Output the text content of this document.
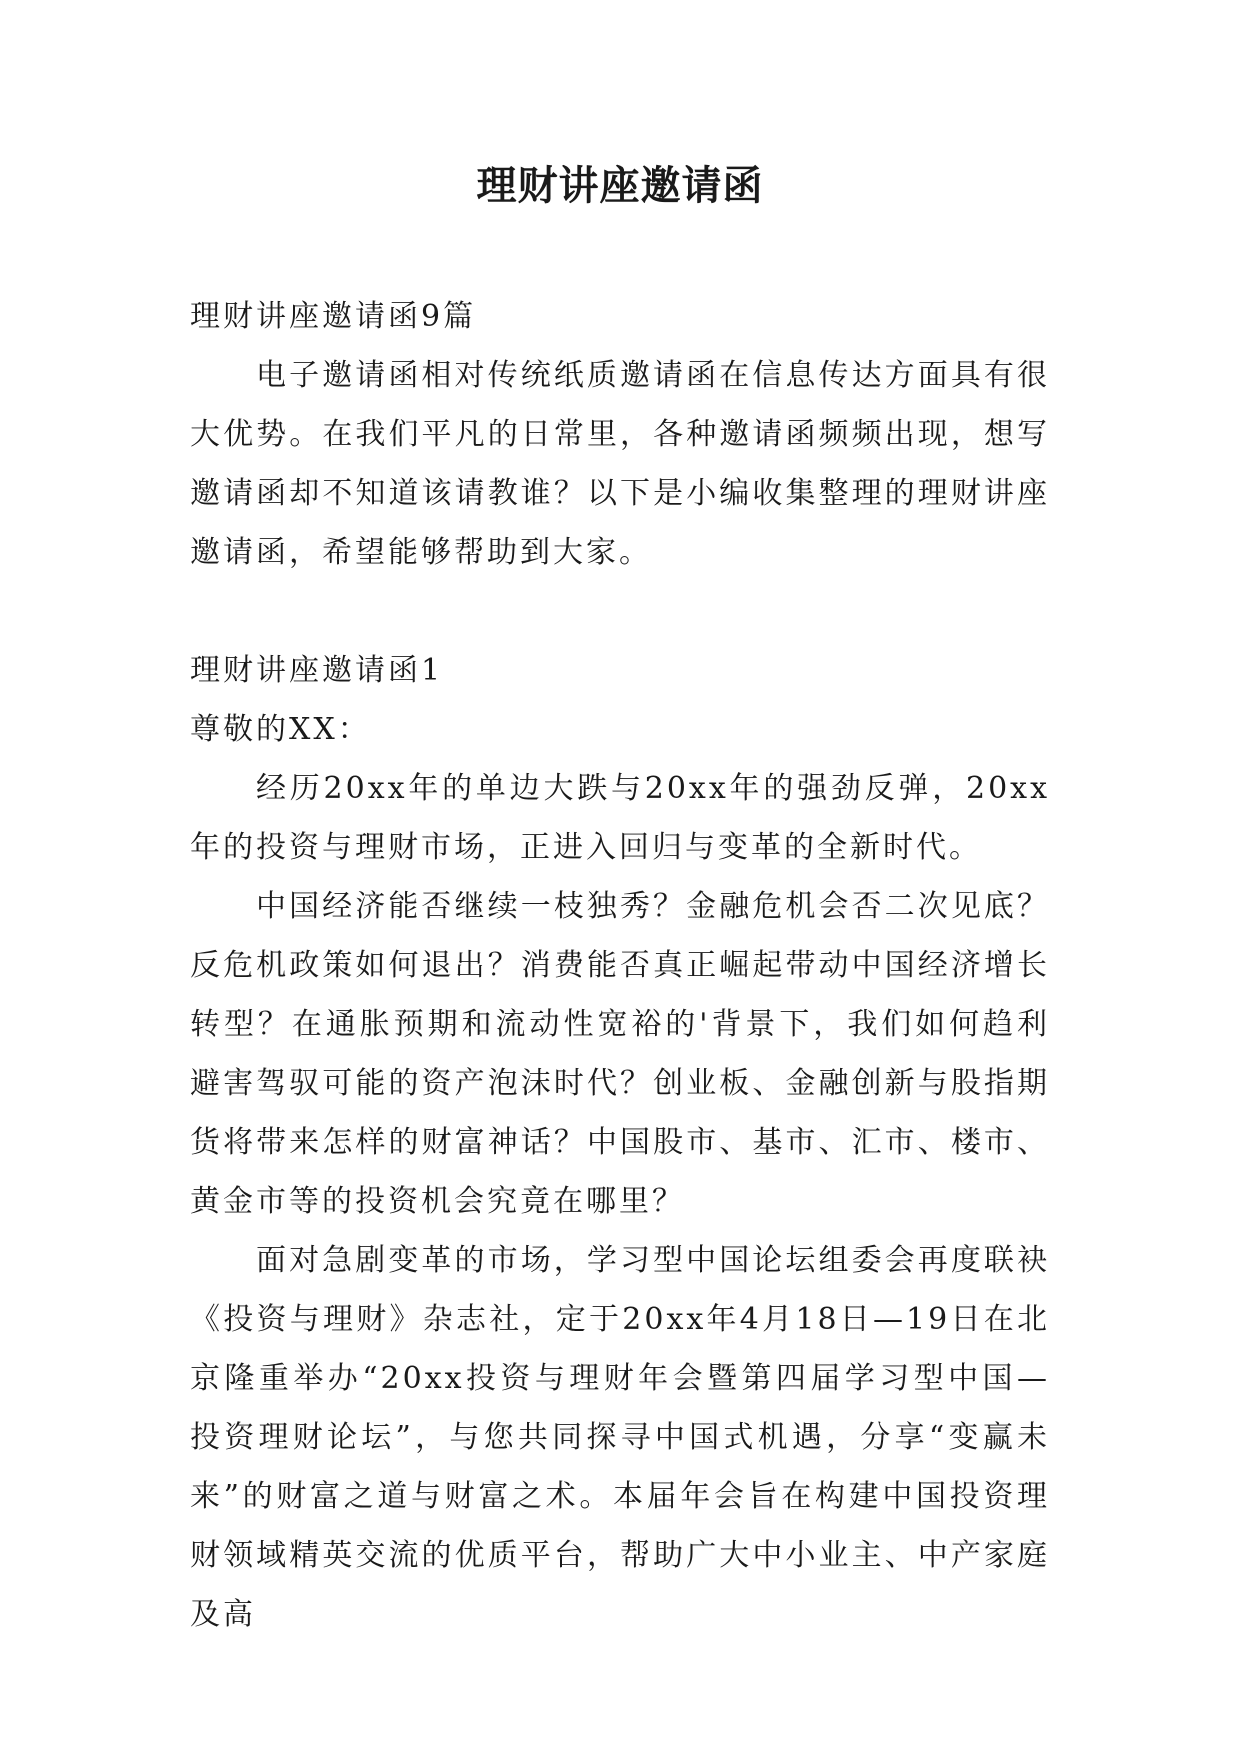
理财讲座邀请函

理财讲座邀请函9篇

电子邀请函相对传统纸质邀请函在信息传达方面具有很大优势。在我们平凡的日常里，各种邀请函频频出现，想写邀请函却不知道该请教谁？以下是小编收集整理的理财讲座邀请函，希望能够帮助到大家。

理财讲座邀请函1

尊敬的XX：

经历20xx年的单边大跌与20xx年的强劲反弹，20xx年的投资与理财市场，正进入回归与变革的全新时代。

中国经济能否继续一枝独秀？金融危机会否二次见底？反危机政策如何退出？消费能否真正崛起带动中国经济增长转型？在通胀预期和流动性宽裕的'背景下，我们如何趋利避害驾驭可能的资产泡沫时代？创业板、金融创新与股指期货将带来怎样的财富神话？中国股市、基市、汇市、楼市、黄金市等的投资机会究竟在哪里？

面对急剧变革的市场，学习型中国论坛组委会再度联袂《投资与理财》杂志社，定于20xx年4月18日—19日在北京隆重举办“20xx投资与理财年会暨第四届学习型中国—投资理财论坛”，与您共同探寻中国式机遇，分享“变赢未来”的财富之道与财富之术。本届年会旨在构建中国投资理财领域精英交流的优质平台，帮助广大中小业主、中产家庭及高
